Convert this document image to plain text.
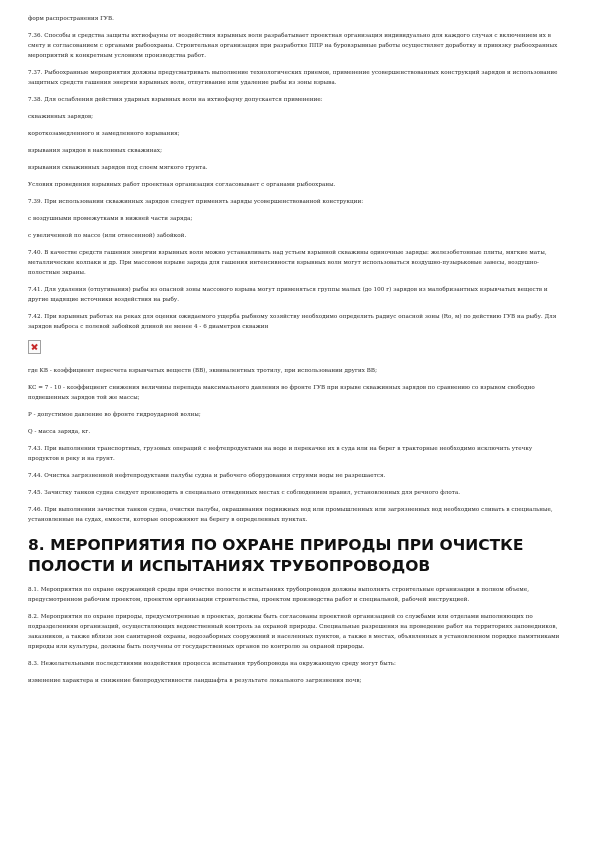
форм распространения ГУВ.

7.36. Способы и средства защиты ихтиофауны от воздействия взрывных волн разрабатывает проектная организация индивидуально для каждого случая с включением их в смету и согласованием с органами рыбоохраны. Строительная организация при разработке ППР на буровзрывные работы осуществляет доработку и привязку рыбоохранных мероприятий к конкретным условиям производства работ.

7.37. Рыбоохранные мероприятия должны предусматривать выполнение технологических приемов, применение усовершенствованных конструкций зарядов и использование защитных средств гашения энергии взрывных волн, отпугивание или удаление рыбы из зоны взрыва.

7.38. Для ослабления действия ударных взрывных волн на ихтиофауну допускается применение:

скважинных зарядов;

короткозамедленного и замедленного взрывания;

взрывания зарядов в наклонных скважинах;

взрывания скважинных зарядов под слоем мягкого грунта.

Условия проведения взрывных работ проектная организация согласовывает с органами рыбоохраны.

7.39. При использовании скважинных зарядов следует применять заряды усовершенствованной конструкции:

с воздушными промежутками в нижней части заряда;

с увеличенной по массе (или отнесенной) забойкой.

7.40. В качестве средств гашения энергии взрывных волн можно устанавливать над устьем взрывной скважины одиночные заряды: железобетонные плиты, мягкие маты, металлические колпаки и др. При массовом взрыве заряда для гашения интенсивности взрывных волн могут использоваться воздушно-пузырьковые завесы, воздушно-полостные экраны.

7.41. Для удаления (отпугивания) рыбы из опасной зоны массового взрыва могут применяться группы малых (до 100 г) зарядов из малобризантных взрывчатых веществ и другие щадящие источники воздействия на рыбу.

7.42. При взрывных работах на реках для оценки ожидаемого ущерба рыбному хозяйству необходимо определить радиус опасной зоны (Ro, м) по действию ГУВ на рыбу. Для зарядов выброса с полевой забойкой длиной не менее 4 - 6 диаметров скважин

где KB - коэффициент пересчета взрывчатых веществ (ВВ), эквивалентных тротилу, при использовании других ВВ;

KC = 7 - 10 - коэффициент снижения величины перепада максимального давления во фронте ГУВ при взрыве скважинных зарядов по сравнению со взрывом свободно подвешенных зарядов той же массы;

P - допустимое давление во фронте гидроударной волны;

Q - масса заряда, кг.

7.43. При выполнении транспортных, грузовых операций с нефтепродуктами на воде и перекачке их в суда или на берег в тракторные необходимо исключить утечку продуктов в реку и на грунт.

7.44. Очистка загрязненной нефтепродуктами палубы судна и рабочего оборудования струями воды не разрешается.

7.45. Зачистку танков судна следует производить в специально отведенных местах с соблюдением правил, установленных для речного флота.

7.46. При выполнении зачистки танков судна, очистки палубы, окрашивания подвижных вод или промышленных или загрязненных вод необходимо сливать в специальные, установленные на судах, емкости, которые опорожняют на берегу в определенных пунктах.

8. МЕРОПРИЯТИЯ ПО ОХРАНЕ ПРИРОДЫ ПРИ ОЧИСТКЕ ПОЛОСТИ И ИСПЫТАНИЯХ ТРУБОПРОВОДОВ

8.1. Мероприятия по охране окружающей среды при очистке полости и испытаниях трубопроводов должны выполнять строительные организации в полном объеме, предусмотренном рабочим проектом, проектом организации строительства, проектом производства работ и специальной, рабочей инструкцией.

8.2. Мероприятия по охране природы, предусмотренные в проектах, должны быть согласованы проектной организацией со службами или отделами выполняющих по подразделениям организаций, осуществляющих ведомственный контроль за охраной природы. Специальные разрешения на проведение работ на территориях заповедников, заказников, а также вблизи зон санитарной охраны, водозаборных сооружений и населенных пунктов, а также в местах, объявленных в установленном порядке памятниками природы или культуры, должны быть получены от государственных органов по контролю за охраной природы.

8.3. Нежелательными последствиями воздействия процесса испытания трубопровода на окружающую среду могут быть:

изменение характера и снижение биопродуктивности ландшафта в результате локального загрязнения почв;
